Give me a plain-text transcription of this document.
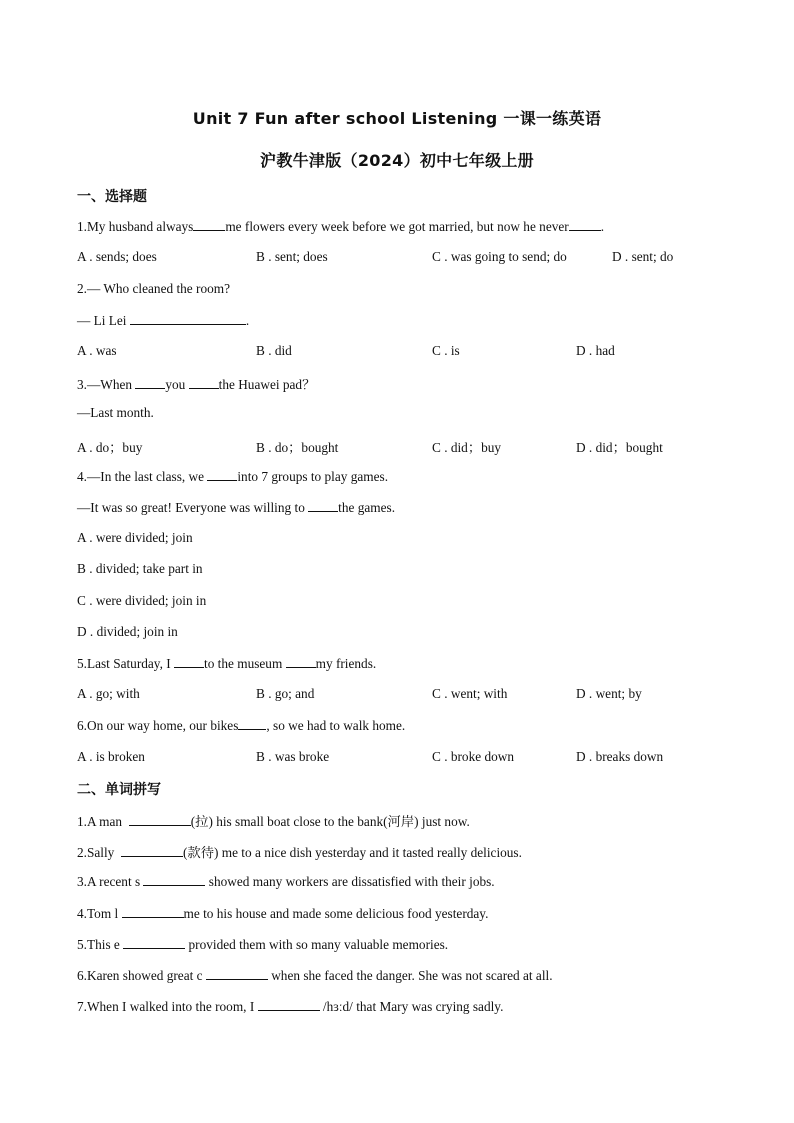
Unit 7 Fun after school Listening 一课一练英语
沪教牛津版（2024）初中七年级上册
一、选择题
1.My husband always me flowers every week before we got married, but now he never .
A . sends; does	B . sent; does	C . was going to send; do	D . sent; do
2.— Who cleaned the room?
— Li Lei	.
A . was	B . did	C . is	D . had
3.—When	you	the Huawei pad？
—Last month.
A . do；buy	B . do；bought	C . did；buy	D . did；bought
4.—In the last class, we	into 7 groups to play games.
—It was so great! Everyone was willing to	the games.
A . were divided; join
B . divided; take part in
C . were divided; join in
D . divided; join in
5.Last Saturday, I	to the museum	my friends.
A . go; with	B . go; and	C . went; with	D . went; by
6.On our way home, our bikes , so we had to walk home.
A . is broken	B . was broke	C . broke down	D . breaks down
二、单词拼写
1.A man	(拉) his small boat close to the bank(河岸) just now.
2.Sally	(款待) me to a nice dish yesterday and it tasted really delicious.
3.A recent s	showed many workers are dissatisfied with their jobs.
4.Tom l	me to his house and made some delicious food yesterday.
5.This e	provided them with so many valuable memories.
6.Karen showed great c	when she faced the danger. She was not scared at all.
7.When I walked into the room, I	/hɜːd/ that Mary was crying sadly.
